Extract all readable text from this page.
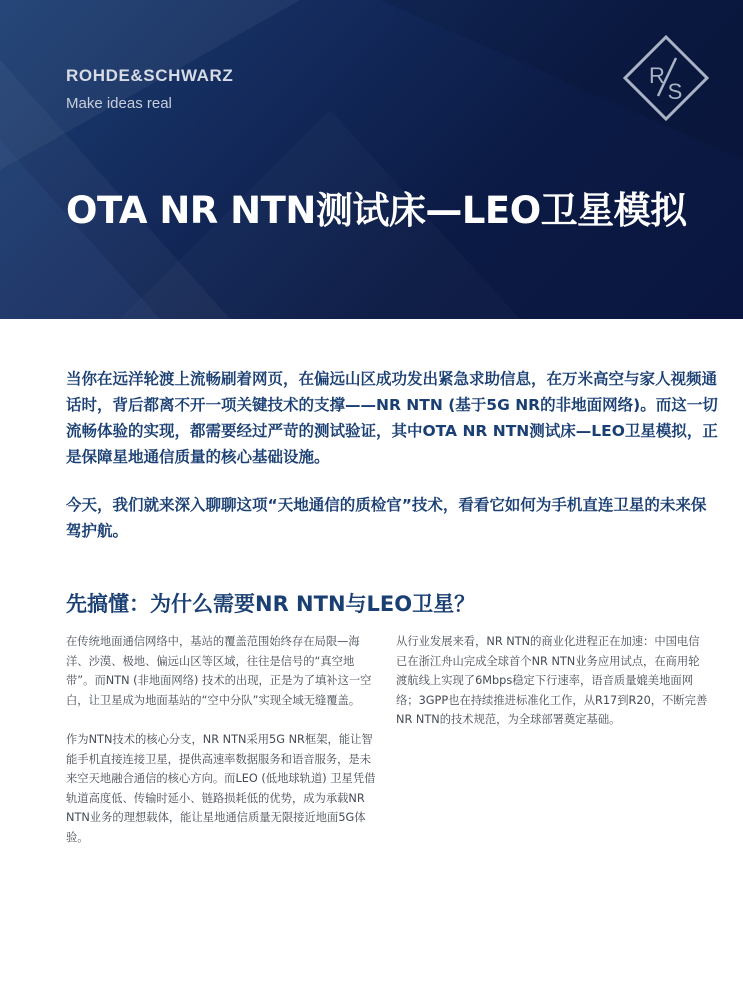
ROHDE&SCHWARZ
Make ideas real
R
S
OTA NR NTN测试床—LEO卫星模拟

当你在远洋轮渡上流畅刷着网页，在偏远山区成功发出紧急求助信息，在万米高空与家人视频通话时，背后都离不开一项关键技术的支撑——NR NTN (基于5G NR的非地面网络)。而这一切流畅体验的实现，都需要经过严苛的测试验证，其中OTA NR NTN测试床—LEO卫星模拟，正是保障星地通信质量的核心基础设施。

今天，我们就来深入聊聊这项“天地通信的质检官”技术，看看它如何为手机直连卫星的未来保驾护航。

先搞懂：为什么需要NR NTN与LEO卫星？

在传统地面通信网络中，基站的覆盖范围始终存在局限—海洋、沙漠、极地、偏远山区等区域，往往是信号的“真空地带”。而NTN (非地面网络) 技术的出现，正是为了填补这一空白，让卫星成为地面基站的“空中分队”实现全域无缝覆盖。

作为NTN技术的核心分支，NR NTN采用5G NR框架，能让智能手机直接连接卫星，提供高速率数据服务和语音服务，是未来空天地融合通信的核心方向。而LEO (低地球轨道) 卫星凭借轨道高度低、传输时延小、链路损耗低的优势，成为承载NR NTN业务的理想载体，能让星地通信质量无限接近地面5G体验。

从行业发展来看，NR NTN的商业化进程正在加速：中国电信已在浙江舟山完成全球首个NR NTN业务应用试点，在商用轮渡航线上实现了6Mbps稳定下行速率，语音质量媲美地面网络；3GPP也在持续推进标准化工作，从R17到R20，不断完善NR NTN的技术规范，为全球部署奠定基础。
